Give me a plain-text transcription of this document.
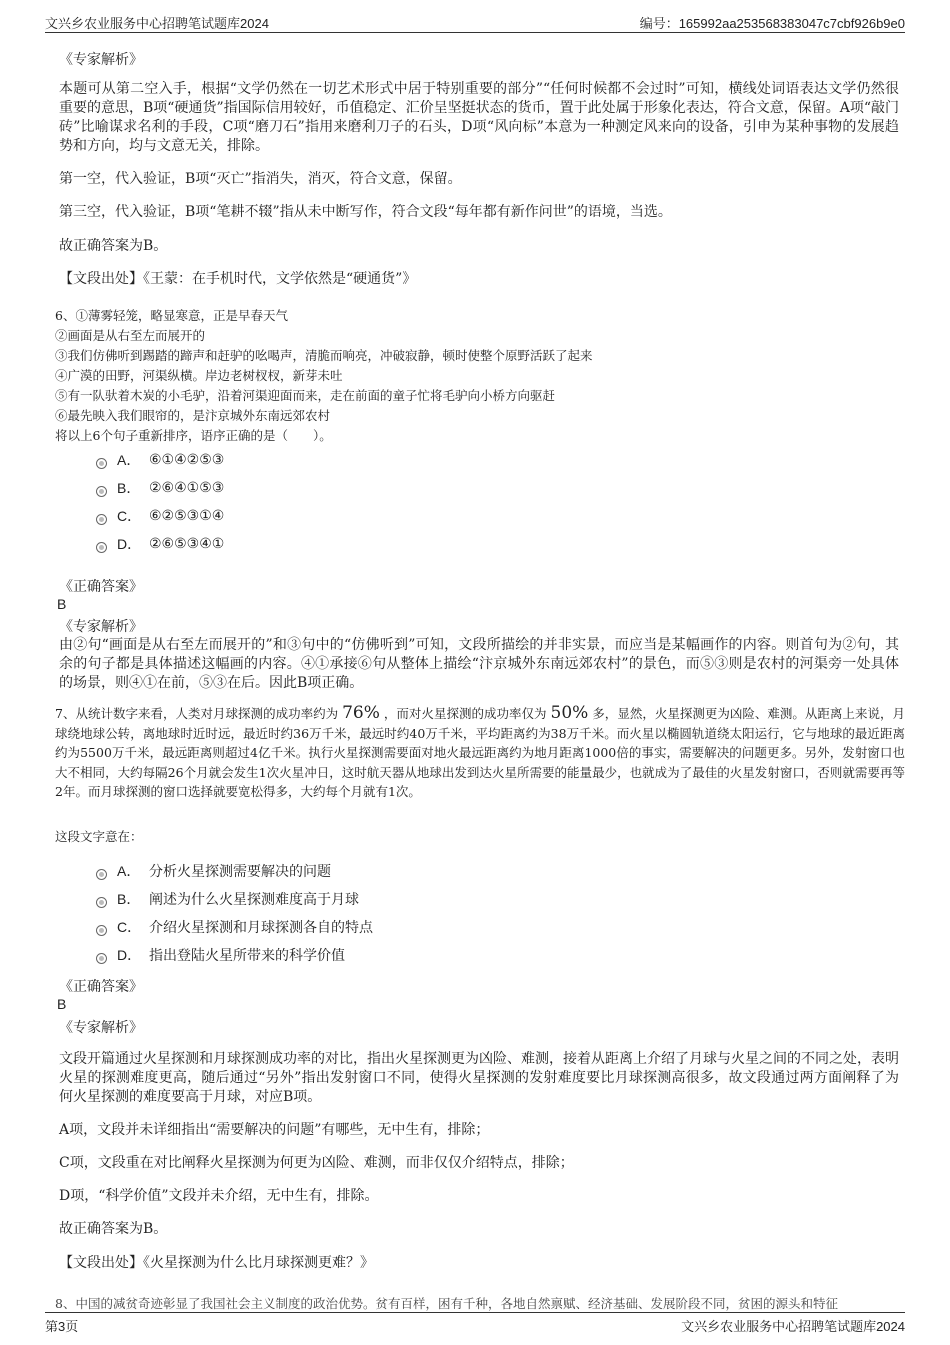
文兴乡农业服务中心招聘笔试题库2024	编号：165992aa253568383047c7cbf926b9e0
《专家解析》
本题可从第二空入手，根据“文学仍然在一切艺术形式中居于特别重要的部分”“任何时候都不会过时”可知，横线处词语表达文学仍然很重要的意思，B项“硬通货”指国际信用较好，币值稳定、汇价呈坚挺状态的货币，置于此处属于形象化表达，符合文意，保留。A项“敲门砖”比喻谋求名利的手段，C项“磨刀石”指用来磨利刀子的石头，D项“风向标”本意为一种测定风来向的设备，引申为某种事物的发展趋势和方向，均与文意无关，排除。
第一空，代入验证，B项“灭亡”指消失，消灭，符合文意，保留。
第三空，代入验证，B项“笔耕不辍”指从未中断写作，符合文段“每年都有新作问世”的语境，当选。
故正确答案为B。
【文段出处】《王蒙：在手机时代，文学依然是“硬通货”》
6、①薄雾轻笼，略显寒意，正是早春天气
②画面是从右至左而展开的
③我们仿佛听到踢踏的蹄声和赶驴的吆喝声，清脆而响亮，冲破寂静，顿时使整个原野活跃了起来
④广漠的田野，河渠纵横。岸边老树杈杈，新芽未吐
⑤有一队驮着木炭的小毛驴，沿着河渠迎面而来，走在前面的童子忙将毛驴向小桥方向驱赶
⑥最先映入我们眼帘的，是汴京城外东南远郊农村
将以上6个句子重新排序，语序正确的是（　　）。
A． ⑥①④②⑤③
B． ②⑥④①⑤③
C． ⑥②⑤③①④
D． ②⑥⑤③④①
《正确答案》
B
《专家解析》
由②句“画面是从右至左而展开的”和③句中的“仿佛听到”可知，文段所描绘的并非实景，而应当是某幅画作的内容。则首句为②句，其余的句子都是具体描述这幅画的内容。④①承接⑥句从整体上描绘“汴京城外东南远郊农村”的景色，而⑤③则是农村的河渠旁一处具体的场景，则④①在前，⑤③在后。因此B项正确。
7、从统计数字来看，人类对月球探测的成功率约为 76% ，而对火星探测的成功率仅为 50% 多，显然，火星探测更为凶险、难测。从距离上来说，月球绕地球公转，离地球时近时远，最近时约36万千米，最远时约40万千米，平均距离约为38万千米。而火星以椭圆轨道绕太阳运行，它与地球的最近距离约为5500万千米，最远距离则超过4亿千米。执行火星探测需要面对地火最远距离约为地月距离1000倍的事实，需要解决的问题更多。另外，发射窗口也大不相同，大约每隔26个月就会发生1次火星冲日，这时航天器从地球出发到达火星所需要的能量最少，也就成为了最佳的火星发射窗口，否则就需要再等2年。而月球探测的窗口选择就要宽松得多，大约每个月就有1次。
这段文字意在：
A． 分析火星探测需要解决的问题
B． 阐述为什么火星探测难度高于月球
C． 介绍火星探测和月球探测各自的特点
D． 指出登陆火星所带来的科学价值
《正确答案》
B
《专家解析》
文段开篇通过火星探测和月球探测成功率的对比，指出火星探测更为凶险、难测，接着从距离上介绍了月球与火星之间的不同之处，表明火星的探测难度更高，随后通过“另外”指出发射窗口不同，使得火星探测的发射难度要比月球探测高很多，故文段通过两方面阐释了为何火星探测的难度要高于月球，对应B项。
A项，文段并未详细指出“需要解决的问题”有哪些，无中生有，排除；
C项，文段重在对比阐释火星探测为何更为凶险、难测，而非仅仅介绍特点，排除；
D项，“科学价值”文段并未介绍，无中生有，排除。
故正确答案为B。
【文段出处】《火星探测为什么比月球探测更难？》
8、中国的减贫奇迹彰显了我国社会主义制度的政治优势。贫有百样，困有千种，各地自然禀赋、经济基础、发展阶段不同，贫困的源头和特征
第3页	文兴乡农业服务中心招聘笔试题库2024
